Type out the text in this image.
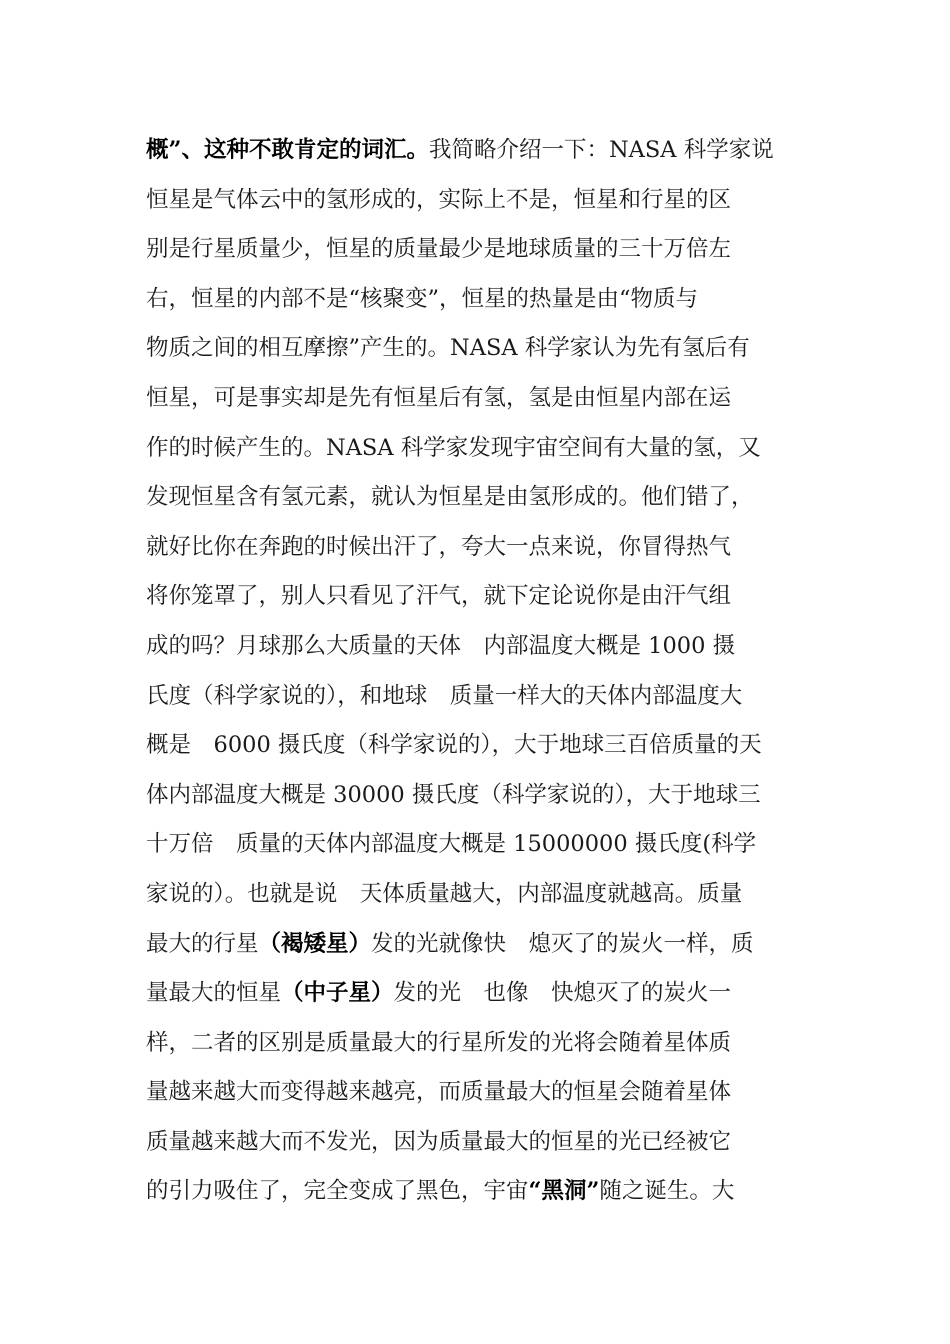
概”、这种不敢肯定的词汇。我简略介绍一下：NASA 科学家说
恒星是气体云中的氢形成的，实际上不是，恒星和行星的区
别是行星质量少，恒星的质量最少是地球质量的三十万倍左
右，恒星的内部不是“核聚变”，恒星的热量是由“物质与
物质之间的相互摩擦”产生的。NASA 科学家认为先有氢后有
恒星，可是事实却是先有恒星后有氢，氢是由恒星内部在运
作的时候产生的。NASA 科学家发现宇宙空间有大量的氢，又
发现恒星含有氢元素，就认为恒星是由氢形成的。他们错了，
就好比你在奔跑的时候出汗了，夸大一点来说，你冒得热气
将你笼罩了，别人只看见了汗气，就下定论说你是由汗气组
成的吗？月球那么大质量的天体　内部温度大概是 1000 摄
氏度（科学家说的），和地球　质量一样大的天体内部温度大
概是　6000 摄氏度（科学家说的），大于地球三百倍质量的天
体内部温度大概是 30000 摄氏度（科学家说的），大于地球三
十万倍　质量的天体内部温度大概是 15000000 摄氏度(科学
家说的）。也就是说　天体质量越大，内部温度就越高。质量
最大的行星（褐矮星）发的光就像快　熄灭了的炭火一样，质
量最大的恒星（中子星）发的光　也像　快熄灭了的炭火一
样，二者的区别是质量最大的行星所发的光将会随着星体质
量越来越大而变得越来越亮，而质量最大的恒星会随着星体
质量越来越大而不发光，因为质量最大的恒星的光已经被它
的引力吸住了，完全变成了黑色，宇宙“黑洞”随之诞生。大
